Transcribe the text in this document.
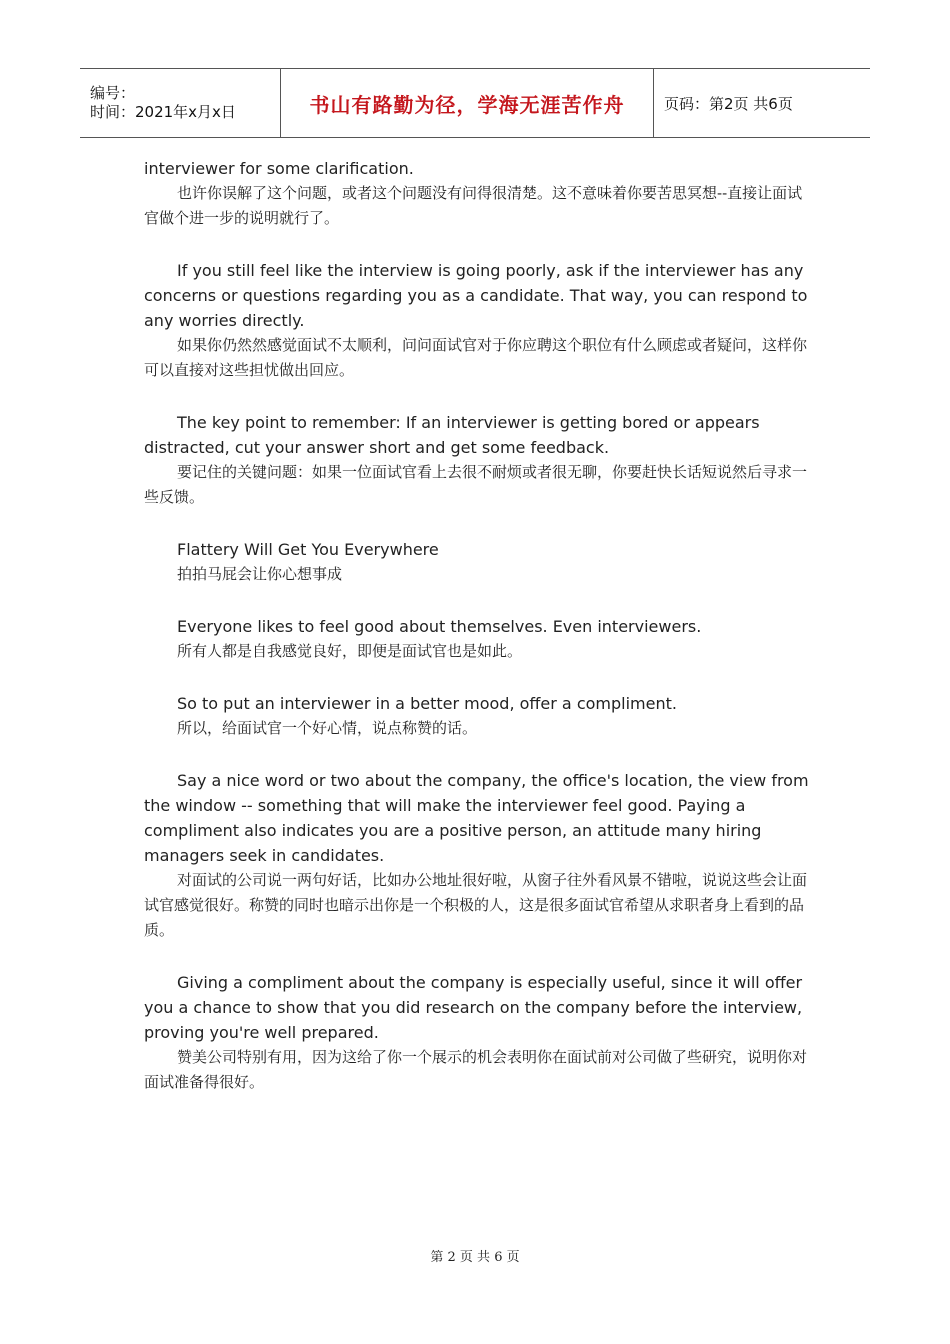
编号：
时间：2021年x月x日	书山有路勤为径，学海无涯苦作舟	页码：第2页 共6页

interviewer for some clarification.

也许你误解了这个问题，或者这个问题没有问得很清楚。这不意味着你要苦思冥想--直接让面试官做个进一步的说明就行了。

If you still feel like the interview is going poorly, ask if the interviewer has any concerns or questions regarding you as a candidate. That way, you can respond to any worries directly.

如果你仍然然感觉面试不太顺利，问问面试官对于你应聘这个职位有什么顾虑或者疑问，这样你可以直接对这些担忧做出回应。

The key point to remember: If an interviewer is getting bored or appears distracted, cut your answer short and get some feedback.

要记住的关键问题：如果一位面试官看上去很不耐烦或者很无聊，你要赶快长话短说然后寻求一些反馈。

Flattery Will Get You Everywhere

拍拍马屁会让你心想事成

Everyone likes to feel good about themselves. Even interviewers.

所有人都是自我感觉良好，即便是面试官也是如此。

So to put an interviewer in a better mood, offer a compliment.

所以，给面试官一个好心情，说点称赞的话。

Say a nice word or two about the company, the office's location, the view from the window -- something that will make the interviewer feel good. Paying a compliment also indicates you are a positive person, an attitude many hiring managers seek in candidates.

对面试的公司说一两句好话，比如办公地址很好啦，从窗子往外看风景不错啦，说说这些会让面试官感觉很好。称赞的同时也暗示出你是一个积极的人，这是很多面试官希望从求职者身上看到的品质。

Giving a compliment about the company is especially useful, since it will offer you a chance to show that you did research on the company before the interview, proving you're well prepared.

赞美公司特别有用，因为这给了你一个展示的机会表明你在面试前对公司做了些研究，说明你对面试准备得很好。

第 2 页 共 6 页
